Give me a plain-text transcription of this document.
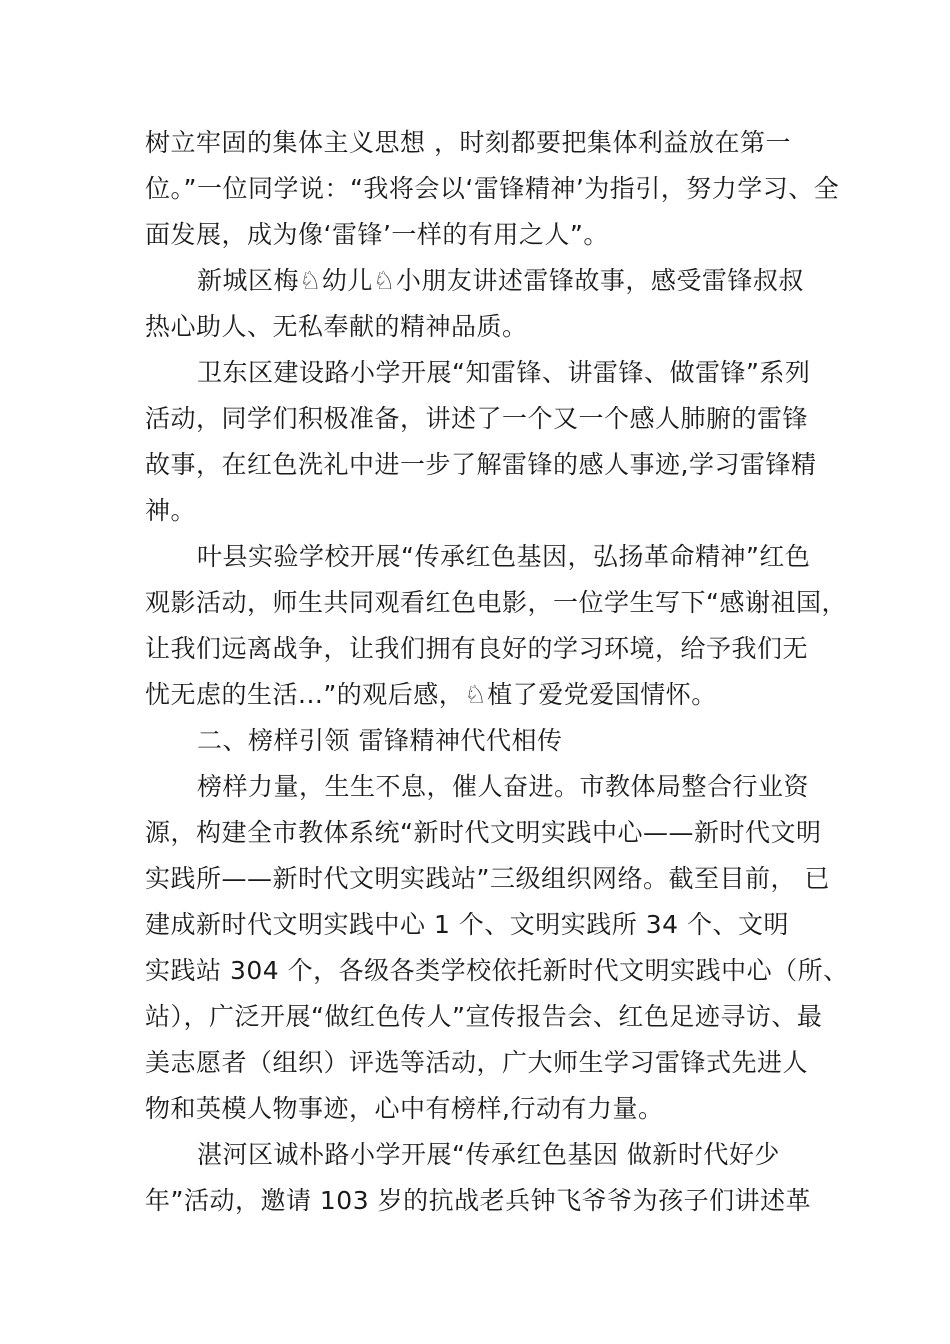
树立牢固的集体主义思想 ，时刻都要把集体利益放在第一
位。”一位同学说：“我将会以‘雷锋精神’为指引，努力学习、全
面发展，成为像‘雷锋’一样的有用之人”。
新城区梅♘幼儿♘小朋友讲述雷锋故事，感受雷锋叔叔
热心助人、无私奉献的精神品质。
卫东区建设路小学开展“知雷锋、讲雷锋、做雷锋”系列
活动，同学们积极准备，讲述了一个又一个感人肺腑的雷锋
故事，在红色洗礼中进一步了解雷锋的感人事迹,学习雷锋精
神。
叶县实验学校开展“传承红色基因，弘扬革命精神”红色
观影活动，师生共同观看红色电影，一位学生写下“感谢祖国，
让我们远离战争，让我们拥有良好的学习环境，给予我们无
忧无虑的生活...”的观后感，♘植了爱党爱国情怀。
二、榜样引领 雷锋精神代代相传
榜样力量，生生不息，催人奋进。市教体局整合行业资
源，构建全市教体系统“新时代文明实践中心——新时代文明
实践所——新时代文明实践站”三级组织网络。截至目前， 已
建成新时代文明实践中心 1 个、文明实践所 34 个、文明
实践站 304 个，各级各类学校依托新时代文明实践中心（所、
站），广泛开展“做红色传人”宣传报告会、红色足迹寻访、最
美志愿者（组织）评选等活动，广大师生学习雷锋式先进人
物和英模人物事迹，心中有榜样,行动有力量。
湛河区诚朴路小学开展“传承红色基因 做新时代好少
年”活动，邀请 103 岁的抗战老兵钟飞爷爷为孩子们讲述革
